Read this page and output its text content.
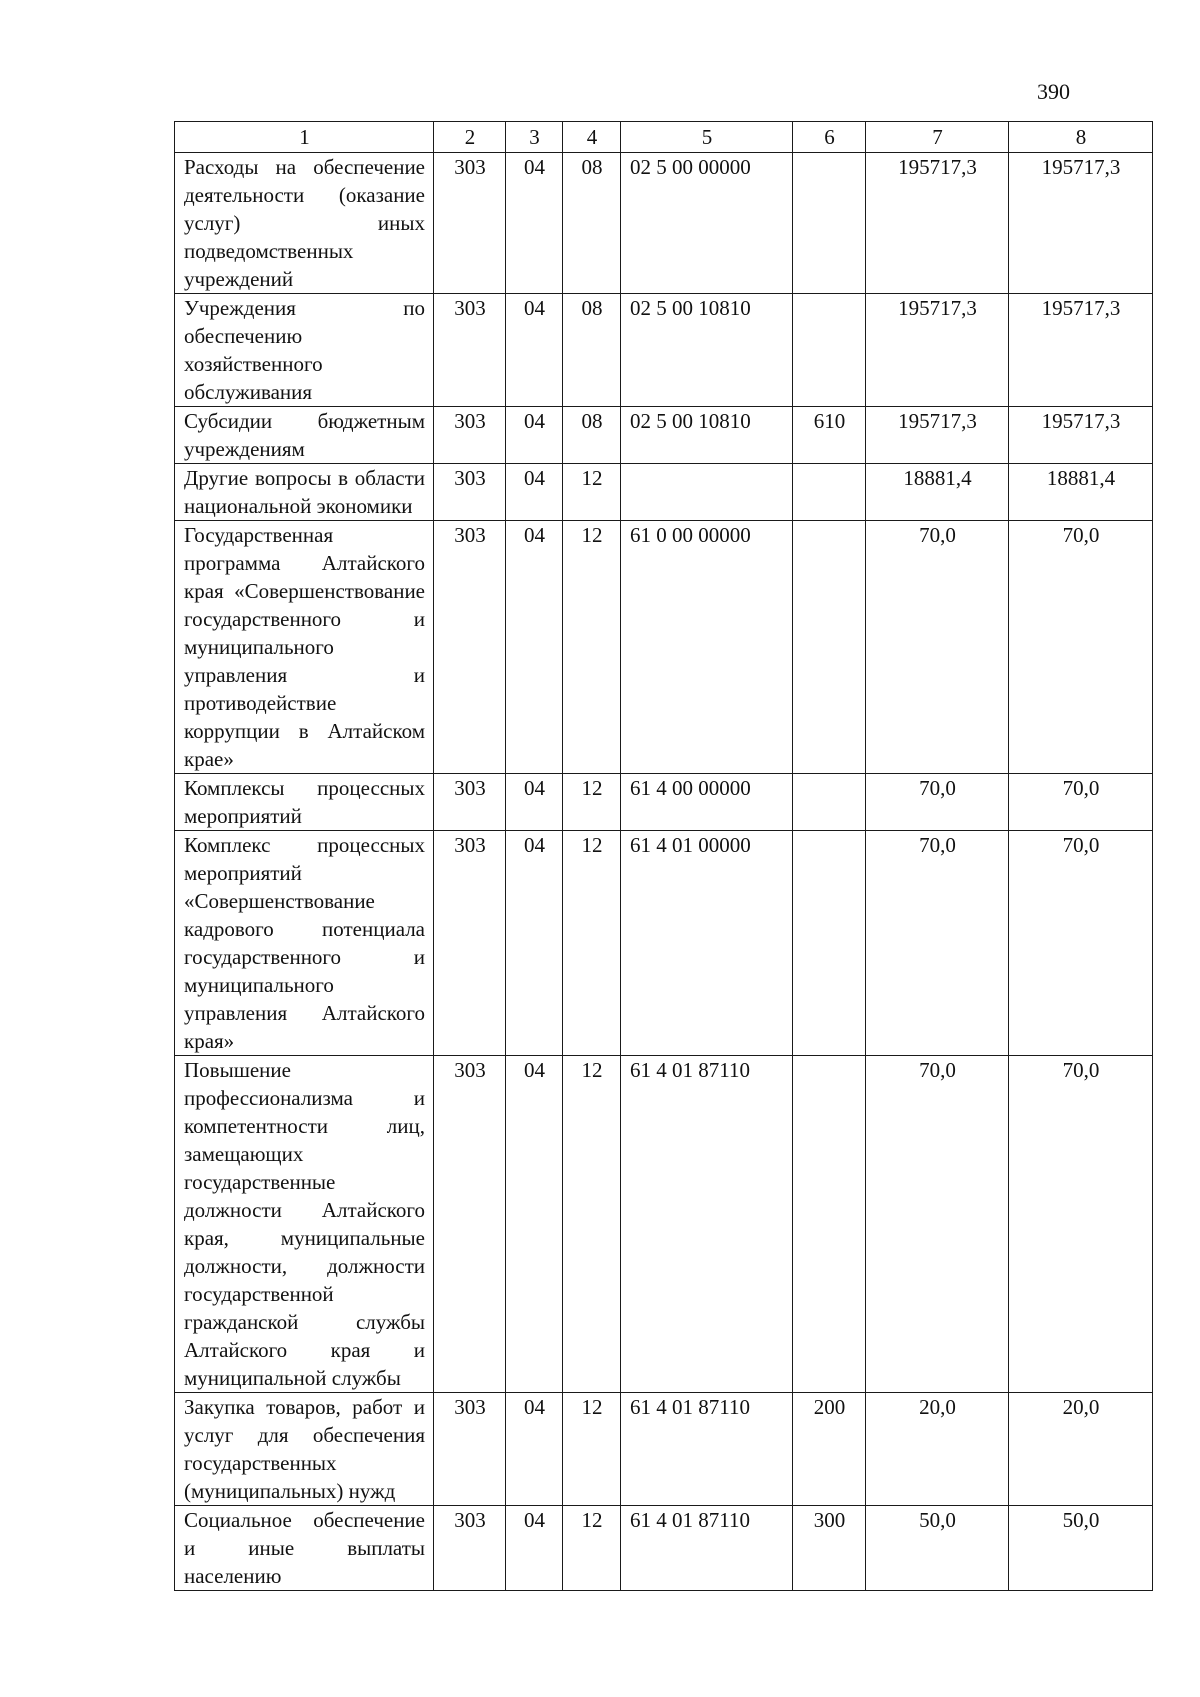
390
1	2	3	4	5	6	7	8
Расходы на обеспечение деятельности (оказание услуг) иных подведомственных учреждений	303	04	08	02 5 00 00000		195717,3	195717,3
Учреждения по обеспечению хозяйственного обслуживания	303	04	08	02 5 00 10810		195717,3	195717,3
Субсидии бюджетным учреждениям	303	04	08	02 5 00 10810	610	195717,3	195717,3
Другие вопросы в области национальной экономики	303	04	12			18881,4	18881,4
Государственная программа Алтайского края «Совершенствование государственного и муниципального управления и противодействие коррупции в Алтайском крае»	303	04	12	61 0 00 00000		70,0	70,0
Комплексы процессных мероприятий	303	04	12	61 4 00 00000		70,0	70,0
Комплекс процессных мероприятий «Совершенствование кадрового потенциала государственного и муниципального управления Алтайского края»	303	04	12	61 4 01 00000		70,0	70,0
Повышение профессионализма и компетентности лиц, замещающих государственные должности Алтайского края, муниципальные должности, должности государственной гражданской службы Алтайского края и муниципальной службы	303	04	12	61 4 01 87110		70,0	70,0
Закупка товаров, работ и услуг для обеспечения государственных (муниципальных) нужд	303	04	12	61 4 01 87110	200	20,0	20,0
Социальное обеспечение и иные выплаты населению	303	04	12	61 4 01 87110	300	50,0	50,0
